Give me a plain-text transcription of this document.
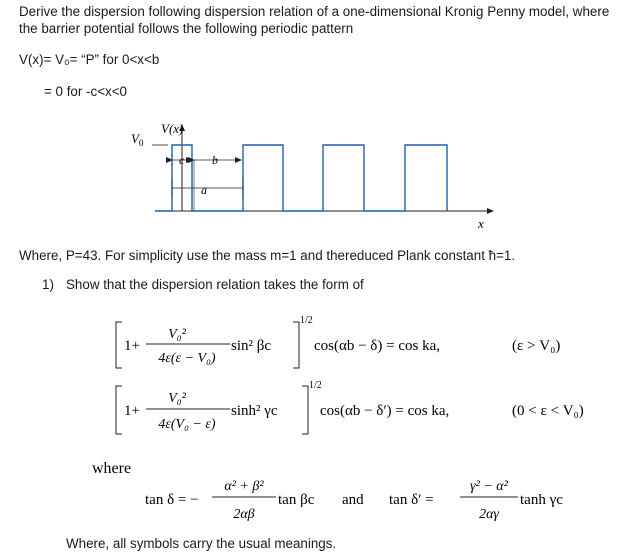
Derive the dispersion following dispersion relation of a one-dimensional Kronig Penny model, where
the barrier potential follows the following periodic pattern
V(x)= V₀= “P” for 0<x<b
= 0 for -c<x<0
V(x)
$V_0$
c b
a
x
Where, P=43. For simplicity use the mass m=1 and thereduced Plank constant ħ=1.
1) Show that the dispersion relation takes the form of
1+
V₀²
4ε(ε − V₀)
sin² βc
1/2
cos(αb − δ) = cos ka,	(ε > V₀)
1+
V₀²
4ε(V₀ − ε)
sinh² γc
1/2
cos(αb − δ′) = cos ka,	(0 < ε < V₀)
where
tan δ = −
α² + β²
2αβ
tan βc and tan δ′ =
γ² − α²
2αγ
tanh γc
Where, all symbols carry the usual meanings.
